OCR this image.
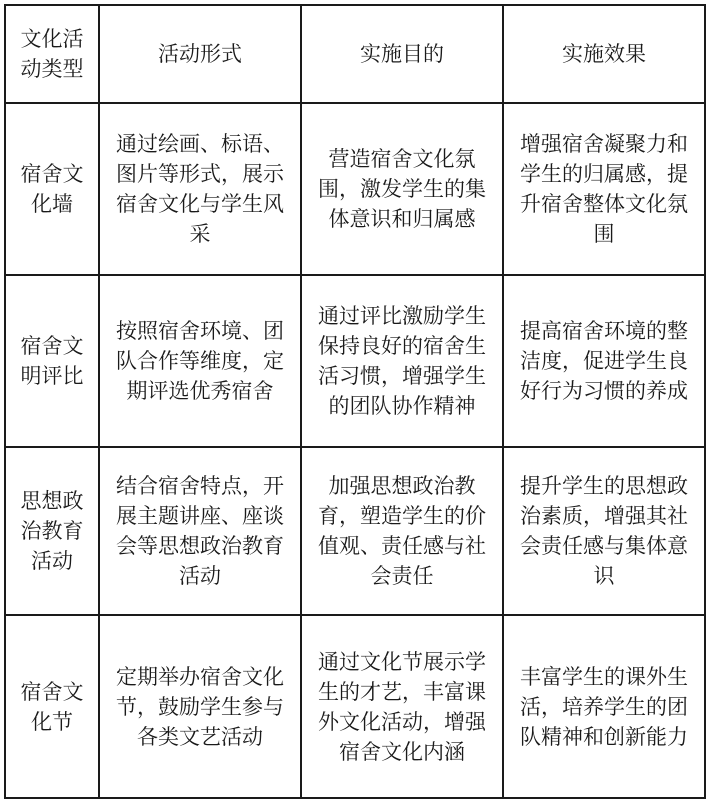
文化活动类型	活动形式	实施目的	实施效果
宿舍文化墙	通过绘画、标语、图片等形式，展示宿舍文化与学生风采	营造宿舍文化氛围，激发学生的集体意识和归属感	增强宿舍凝聚力和学生的归属感，提升宿舍整体文化氛围
宿舍文明评比	按照宿舍环境、团队合作等维度，定期评选优秀宿舍	通过评比激励学生保持良好的宿舍生活习惯，增强学生的团队协作精神	提高宿舍环境的整洁度，促进学生良好行为习惯的养成
思想政治教育活动	结合宿舍特点，开展主题讲座、座谈会等思想政治教育活动	加强思想政治教育，塑造学生的价值观、责任感与社会责任	提升学生的思想政治素质，增强其社会责任感与集体意识
宿舍文化节	定期举办宿舍文化节，鼓励学生参与各类文艺活动	通过文化节展示学生的才艺，丰富课外文化活动，增强宿舍文化内涵	丰富学生的课外生活，培养学生的团队精神和创新能力
